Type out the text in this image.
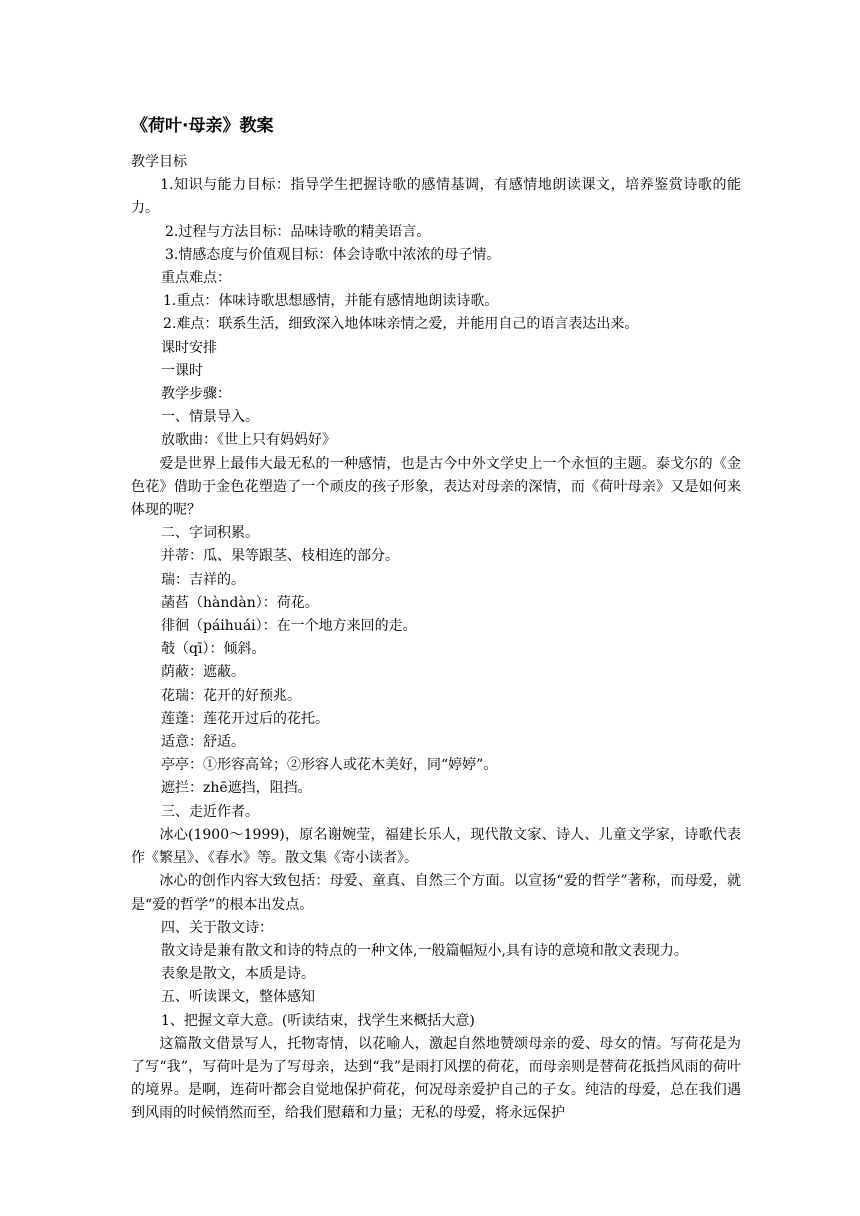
《荷叶·母亲》教案

教学目标

　　1.知识与能力目标：指导学生把握诗歌的感情基调，有感情地朗读课文，培养鉴赏诗歌的能力。

2.过程与方法目标：品味诗歌的精美语言。

3.情感态度与价值观目标：体会诗歌中浓浓的母子情。

重点难点：

1.重点：体味诗歌思想感情，并能有感情地朗读诗歌。

2.难点：联系生活，细致深入地体味亲情之爱，并能用自己的语言表达出来。

课时安排

一课时

教学步骤：

一、情景导入。

放歌曲：《世上只有妈妈好》

　　爱是世界上最伟大最无私的一种感情，也是古今中外文学史上一个永恒的主题。泰戈尔的《金色花》借助于金色花塑造了一个顽皮的孩子形象，表达对母亲的深情，而《荷叶母亲》又是如何来体现的呢？

二、字词积累。

并蒂：瓜、果等跟茎、枝相连的部分。

瑞：吉祥的。

菡萏（hàndàn）：荷花。

徘徊（páihuái）：在一个地方来回的走。

攲（qī）：倾斜。

荫蔽：遮蔽。

花瑞：花开的好预兆。

莲蓬：莲花开过后的花托。

适意：舒适。

亭亭：①形容高耸；②形容人或花木美好，同“婷婷”。

遮拦：zhē遮挡，阻挡。

三、走近作者。

　　冰心(1900～1999)，原名谢婉莹，福建长乐人，现代散文家、诗人、儿童文学家，诗歌代表作《繁星》、《春水》等。散文集《寄小读者》。

　　冰心的创作内容大致包括：母爱、童真、自然三个方面。以宣扬“爱的哲学”著称，而母爱，就是“爱的哲学”的根本出发点。

四、关于散文诗：

散文诗是兼有散文和诗的特点的一种文体,一般篇幅短小,具有诗的意境和散文表现力。

表象是散文，本质是诗。

五、听读课文，整体感知

1、把握文章大意。(听读结束，找学生来概括大意)

　　这篇散文借景写人，托物寄情，以花喻人，激起自然地赞颂母亲的爱、母女的情。写荷花是为了写“我”，写荷叶是为了写母亲，达到“我”是雨打风摆的荷花，而母亲则是替荷花抵挡风雨的荷叶的境界。是啊，连荷叶都会自觉地保护荷花，何况母亲爱护自己的子女。纯洁的母爱，总在我们遇到风雨的时候悄然而至，给我们慰藉和力量；无私的母爱，将永远保护
